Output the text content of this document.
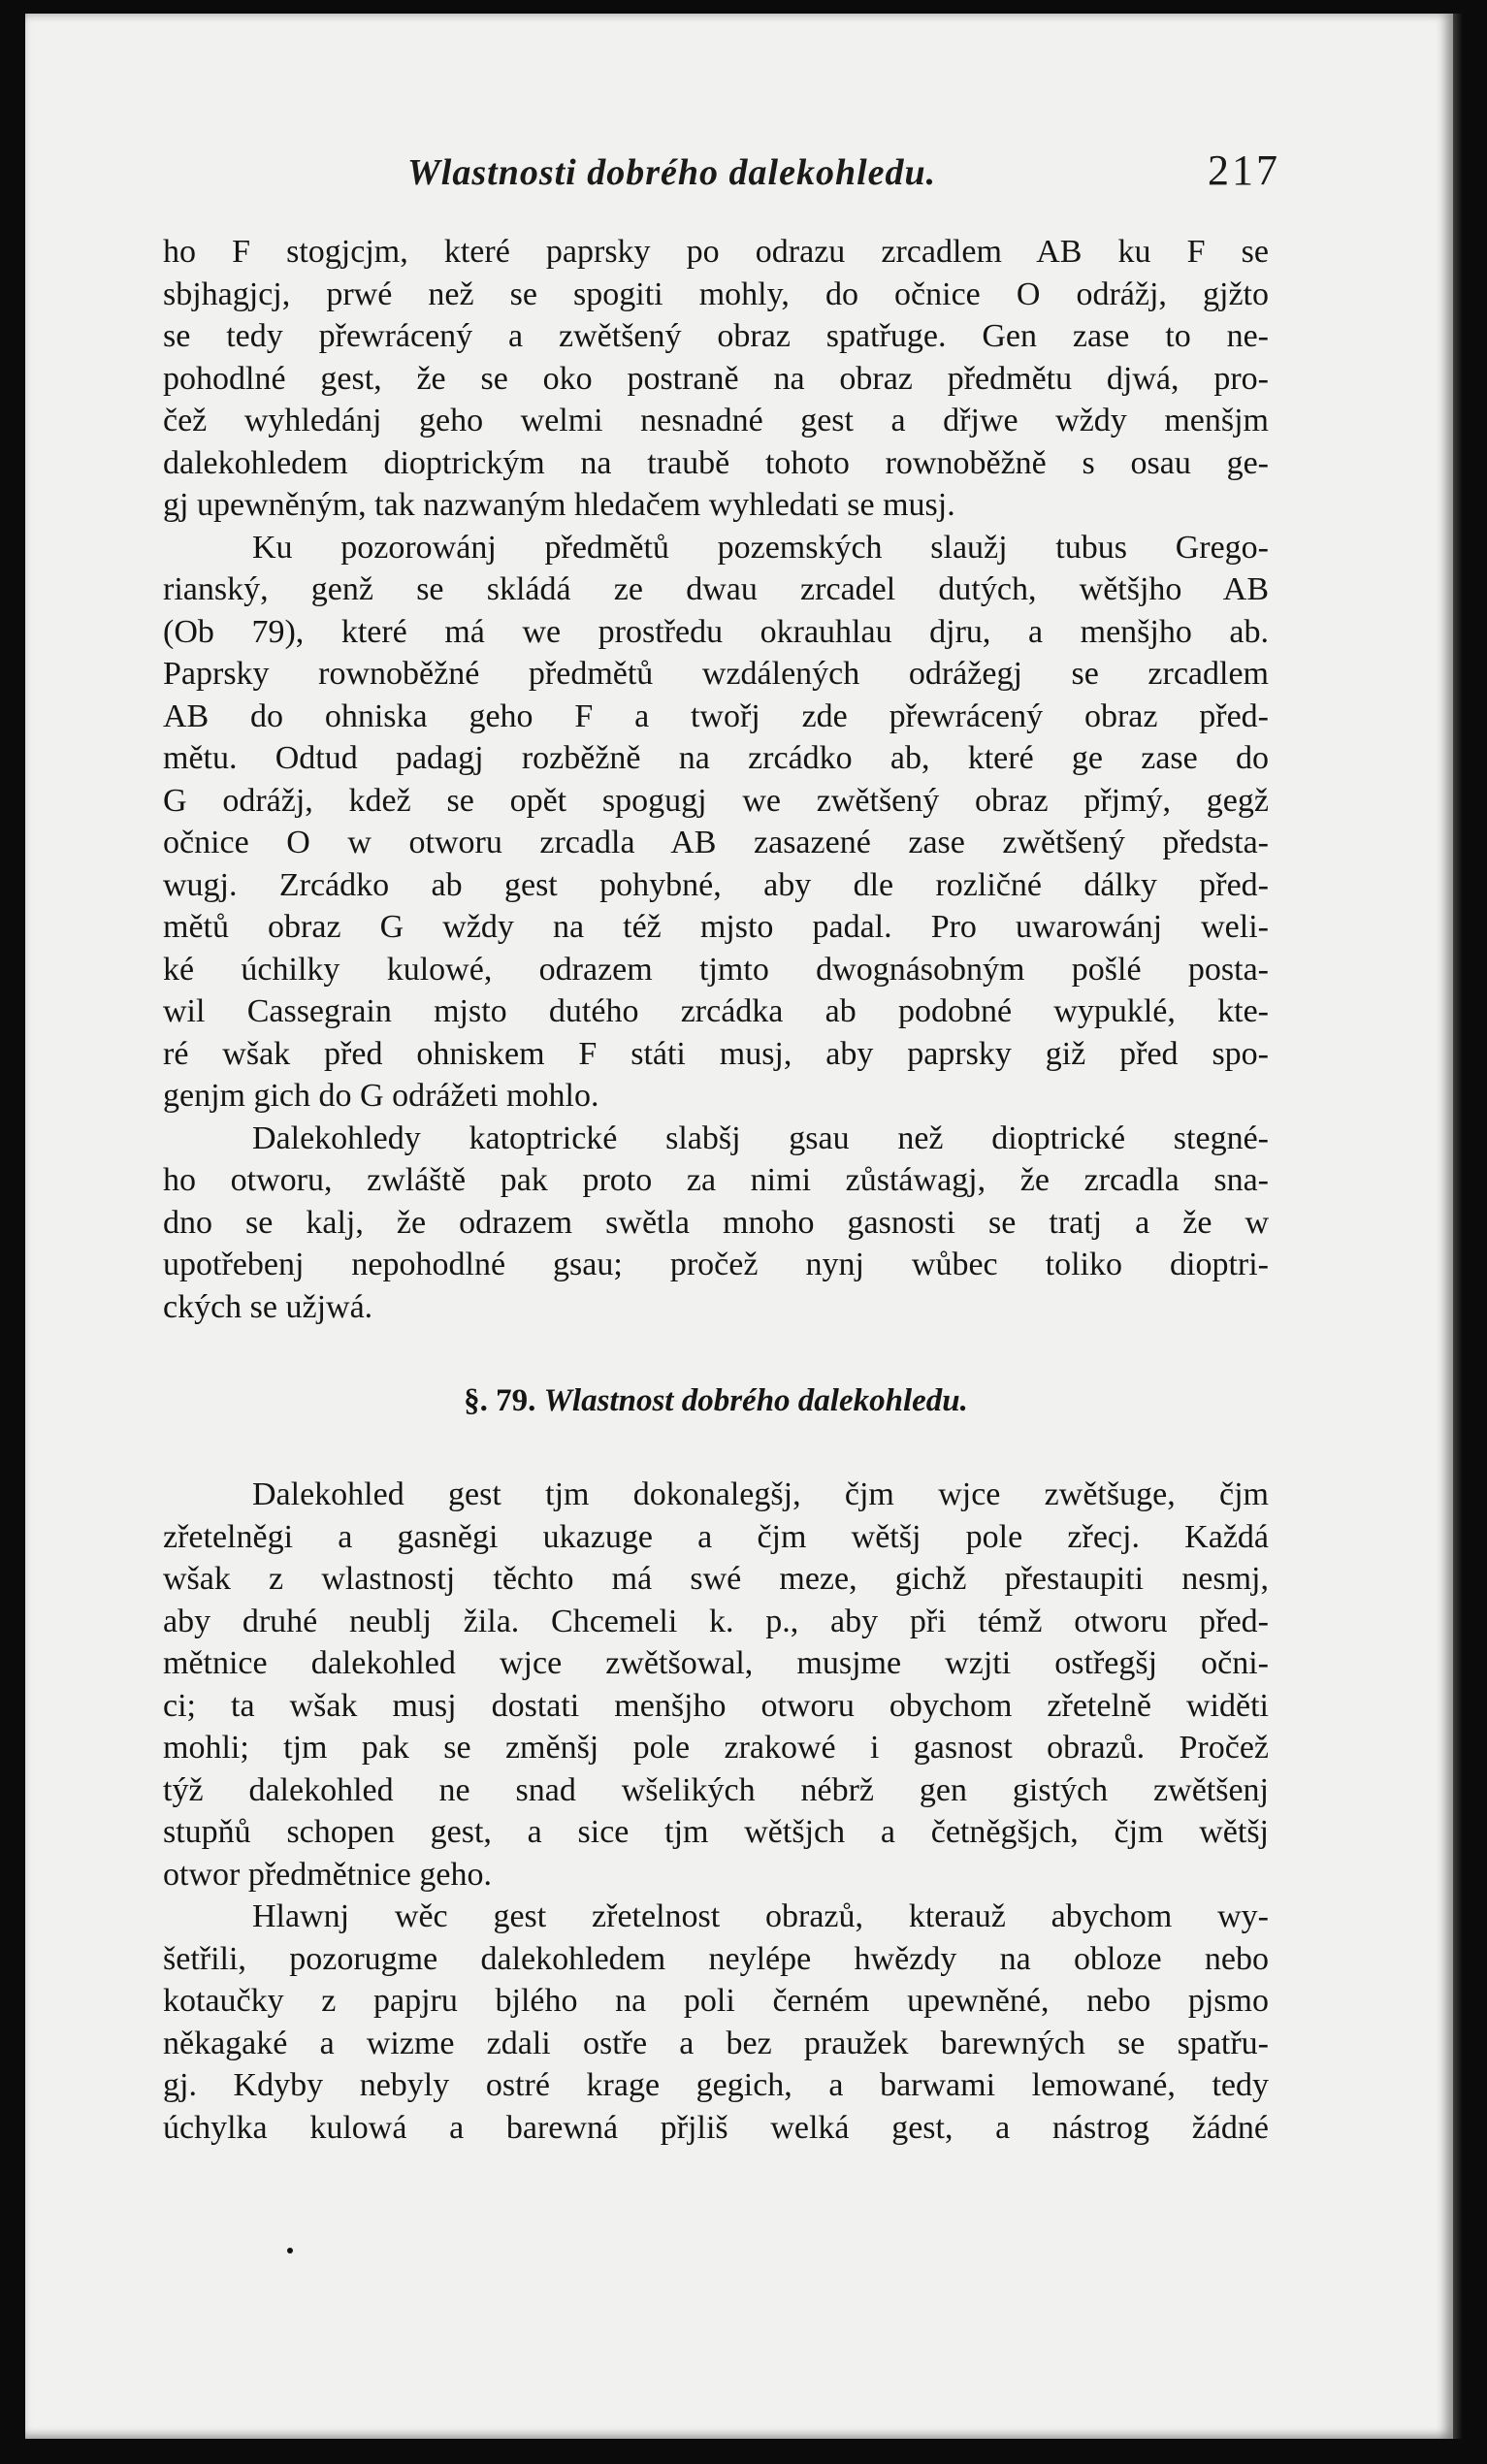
Wlastnosti dobrého dalekohledu.	217
ho F stogjcjm, které paprsky po odrazu zrcadlem AB ku F se
sbjhagjcj, prwé než se spogiti mohly, do očnice O odrážj, gjžto
se tedy přewrácený a zwětšený obraz spatřuge. Gen zase to ne-
pohodlné gest, že se oko postraně na obraz předmětu djwá, pro-
čež wyhledánj geho welmi nesnadné gest a dřjwe wždy menšjm
dalekohledem dioptrickým na traubě tohoto rownoběžně s osau ge-
gj upewněným, tak nazwaným hledačem wyhledati se musj.
Ku pozorowánj předmětů pozemských slaužj tubus Grego-
rianský, genž se skládá ze dwau zrcadel dutých, wětšjho AB
(Ob 79), které má we prostředu okrauhlau djru, a menšjho ab.
Paprsky rownoběžné předmětů wzdálených odrážegj se zrcadlem
AB do ohniska geho F a twořj zde přewrácený obraz před-
mětu. Odtud padagj rozběžně na zrcádko ab, které ge zase do
G odrážj, kdež se opět spogugj we zwětšený obraz přjmý, gegž
očnice O w otworu zrcadla AB zasazené zase zwětšený předsta-
wugj. Zrcádko ab gest pohybné, aby dle rozličné dálky před-
mětů obraz G wždy na též mjsto padal. Pro uwarowánj weli-
ké úchilky kulowé, odrazem tjmto dwognásobným pošlé posta-
wil Cassegrain mjsto dutého zrcádka ab podobné wypuklé, kte-
ré wšak před ohniskem F státi musj, aby paprsky giž před spo-
genjm gich do G odrážeti mohlo.
Dalekohledy katoptrické slabšj gsau než dioptrické stegné-
ho otworu, zwláště pak proto za nimi zůstáwagj, že zrcadla sna-
dno se kalj, že odrazem swětla mnoho gasnosti se tratj a že w
upotřebenj nepohodlné gsau; pročež nynj wůbec toliko dioptri-
ckých se užjwá.
§. 79. Wlastnost dobrého dalekohledu.
Dalekohled gest tjm dokonalegšj, čjm wjce zwětšuge, čjm
zřetelněgi a gasněgi ukazuge a čjm wětšj pole zřecj. Každá
wšak z wlastnostj těchto má swé meze, gichž přestaupiti nesmj,
aby druhé neublj žila. Chcemeli k. p., aby při témž otworu před-
mětnice dalekohled wjce zwětšowal, musjme wzjti ostřegšj očni-
ci; ta wšak musj dostati menšjho otworu obychom zřetelně widěti
mohli; tjm pak se změnšj pole zrakowé i gasnost obrazů. Pročež
týž dalekohled ne snad wšelikých nébrž gen gistých zwětšenj
stupňů schopen gest, a sice tjm wětšjch a četněgšjch, čjm wětšj
otwor předmětnice geho.
Hlawnj wěc gest zřetelnost obrazů, kterauž abychom wy-
šetřili, pozorugme dalekohledem neylépe hwězdy na obloze nebo
kotaučky z papjru bjlého na poli černém upewněné, nebo pjsmo
někagaké a wizme zdali ostře a bez praužek barewných se spatřu-
gj. Kdyby nebyly ostré krage gegich, a barwami lemowané, tedy
úchylka kulowá a barewná přjliš welká gest, a nástrog žádné
